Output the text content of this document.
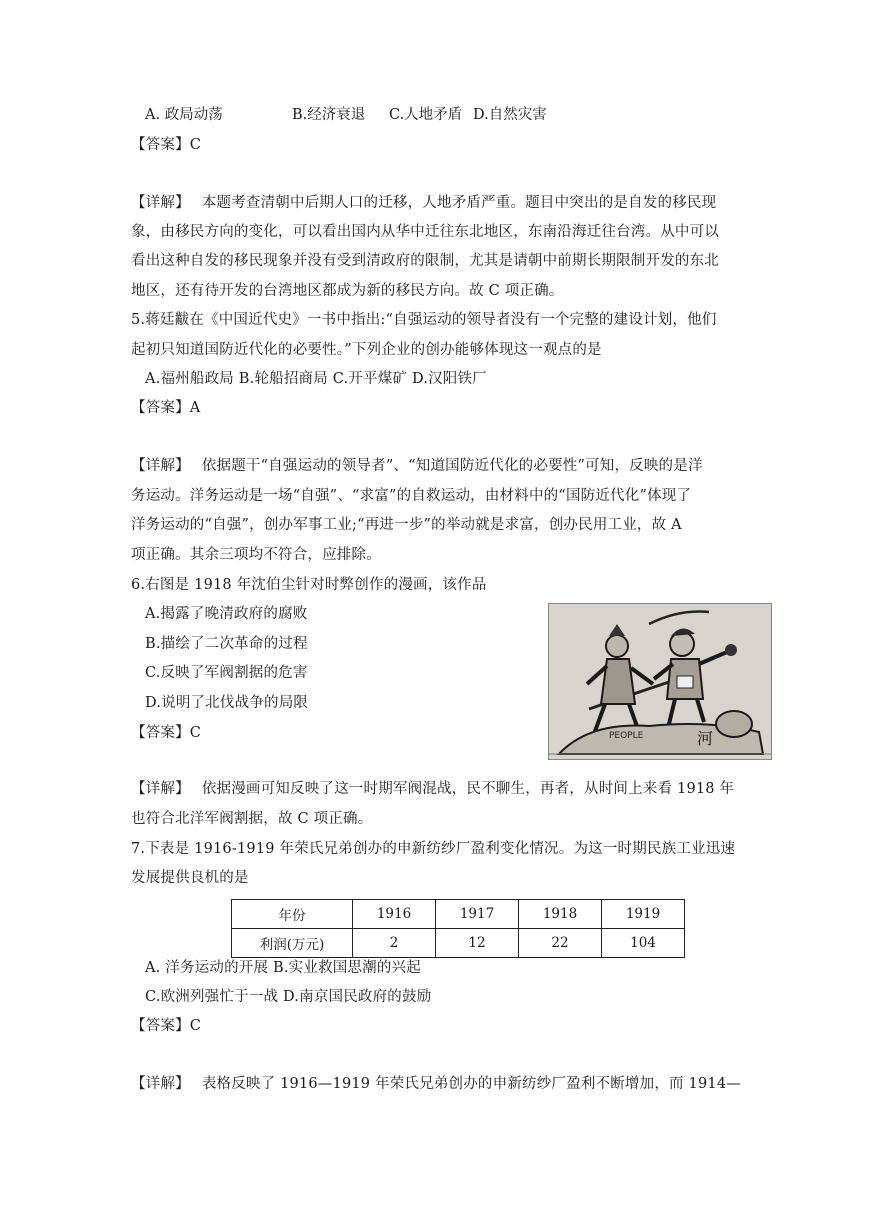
A. 政局动荡	B.经济衰退 C.人地矛盾 D.自然灾害
【答案】C
【详解】 本题考查清朝中后期人口的迁移，人地矛盾严重。题目中突出的是自发的移民现
象，由移民方向的变化，可以看出国内从华中迁往东北地区，东南沿海迁往台湾。从中可以
看出这种自发的移民现象并没有受到清政府的限制，尤其是请朝中前期长期限制开发的东北
地区，还有待开发的台湾地区都成为新的移民方向。故 C 项正确。
5.蒋廷黻在《中国近代史》一书中指出:“自强运动的领导者没有一个完整的建设计划，他们
起初只知道国防近代化的必要性。”下列企业的创办能够体现这一观点的是
A.福州船政局 B.轮船招商局 C.开平煤矿 D.汉阳铁厂
【答案】A
【详解】 依据题干“自强运动的领导者”、“知道国防近代化的必要性”可知，反映的是洋
务运动。洋务运动是一场“自强”、“求富”的自救运动，由材料中的“国防近代化”体现了
洋务运动的“自强”，创办军事工业;“再进一步”的举动就是求富，创办民用工业，故 A
项正确。其余三项均不符合，应排除。
6.右图是 1918 年沈伯尘针对时弊创作的漫画，该作品
A.揭露了晚清政府的腐败
B.描绘了二次革命的过程
C.反映了军阀割据的危害
D.说明了北伐战争的局限
【答案】C	PEOPLE	河
【详解】 依据漫画可知反映了这一时期军阀混战，民不聊生，再者，从时间上来看 1918 年
也符合北洋军阀割据，故 C 项正确。
7.下表是 1916-1919 年荣氏兄弟创办的申新纺纱厂盈利变化情况。为这一时期民族工业迅速
发展提供良机的是
年份	1916	1917	1918	1919
利润(万元)	2	12	22	104
A. 洋务运动的开展 B.实业救国思潮的兴起
C.欧洲列强忙于一战 D.南京国民政府的鼓励
【答案】C
【详解】 表格反映了 1916—1919 年荣氏兄弟创办的申新纺纱厂盈利不断增加，而 1914—
